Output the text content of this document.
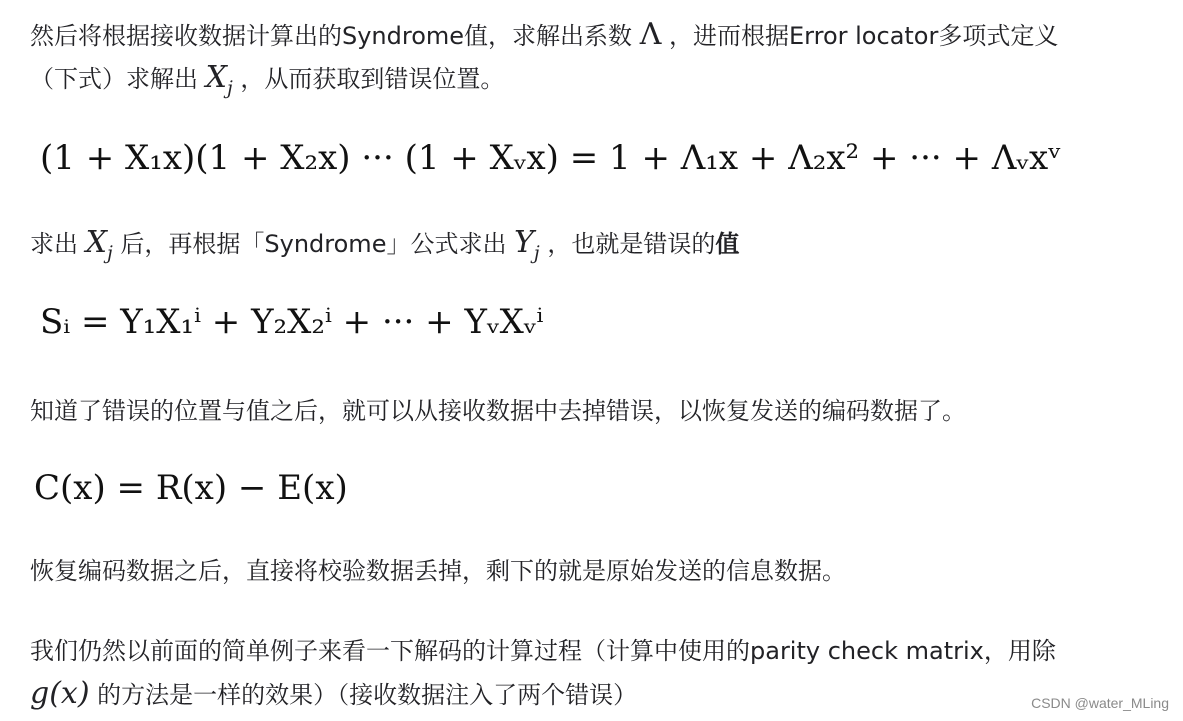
然后将根据接收数据计算出的Syndrome值，求解出系数 Λ ，进而根据Error locator多项式定义
（下式）求解出 $X_j$ ，从而获取到错误位置。
(1 + X₁x)(1 + X₂x) ··· (1 + Xᵥx) = 1 + Λ₁x + Λ₂x² + ··· + Λᵥxᵛ
求出 $X_j$ 后，再根据「Syndrome」公式求出 $Y_j$ ，也就是错误的值
Sᵢ = Y₁X₁ⁱ + Y₂X₂ⁱ + ··· + YᵥXᵥⁱ
知道了错误的位置与值之后，就可以从接收数据中去掉错误，以恢复发送的编码数据了。
C(x) = R(x) − E(x)
恢复编码数据之后，直接将校验数据丢掉，剩下的就是原始发送的信息数据。
我们仍然以前面的简单例子来看一下解码的计算过程（计算中使用的parity check matrix，用除
g(x) 的方法是一样的效果）（接收数据注入了两个错误）	CSDN @water_MLing
